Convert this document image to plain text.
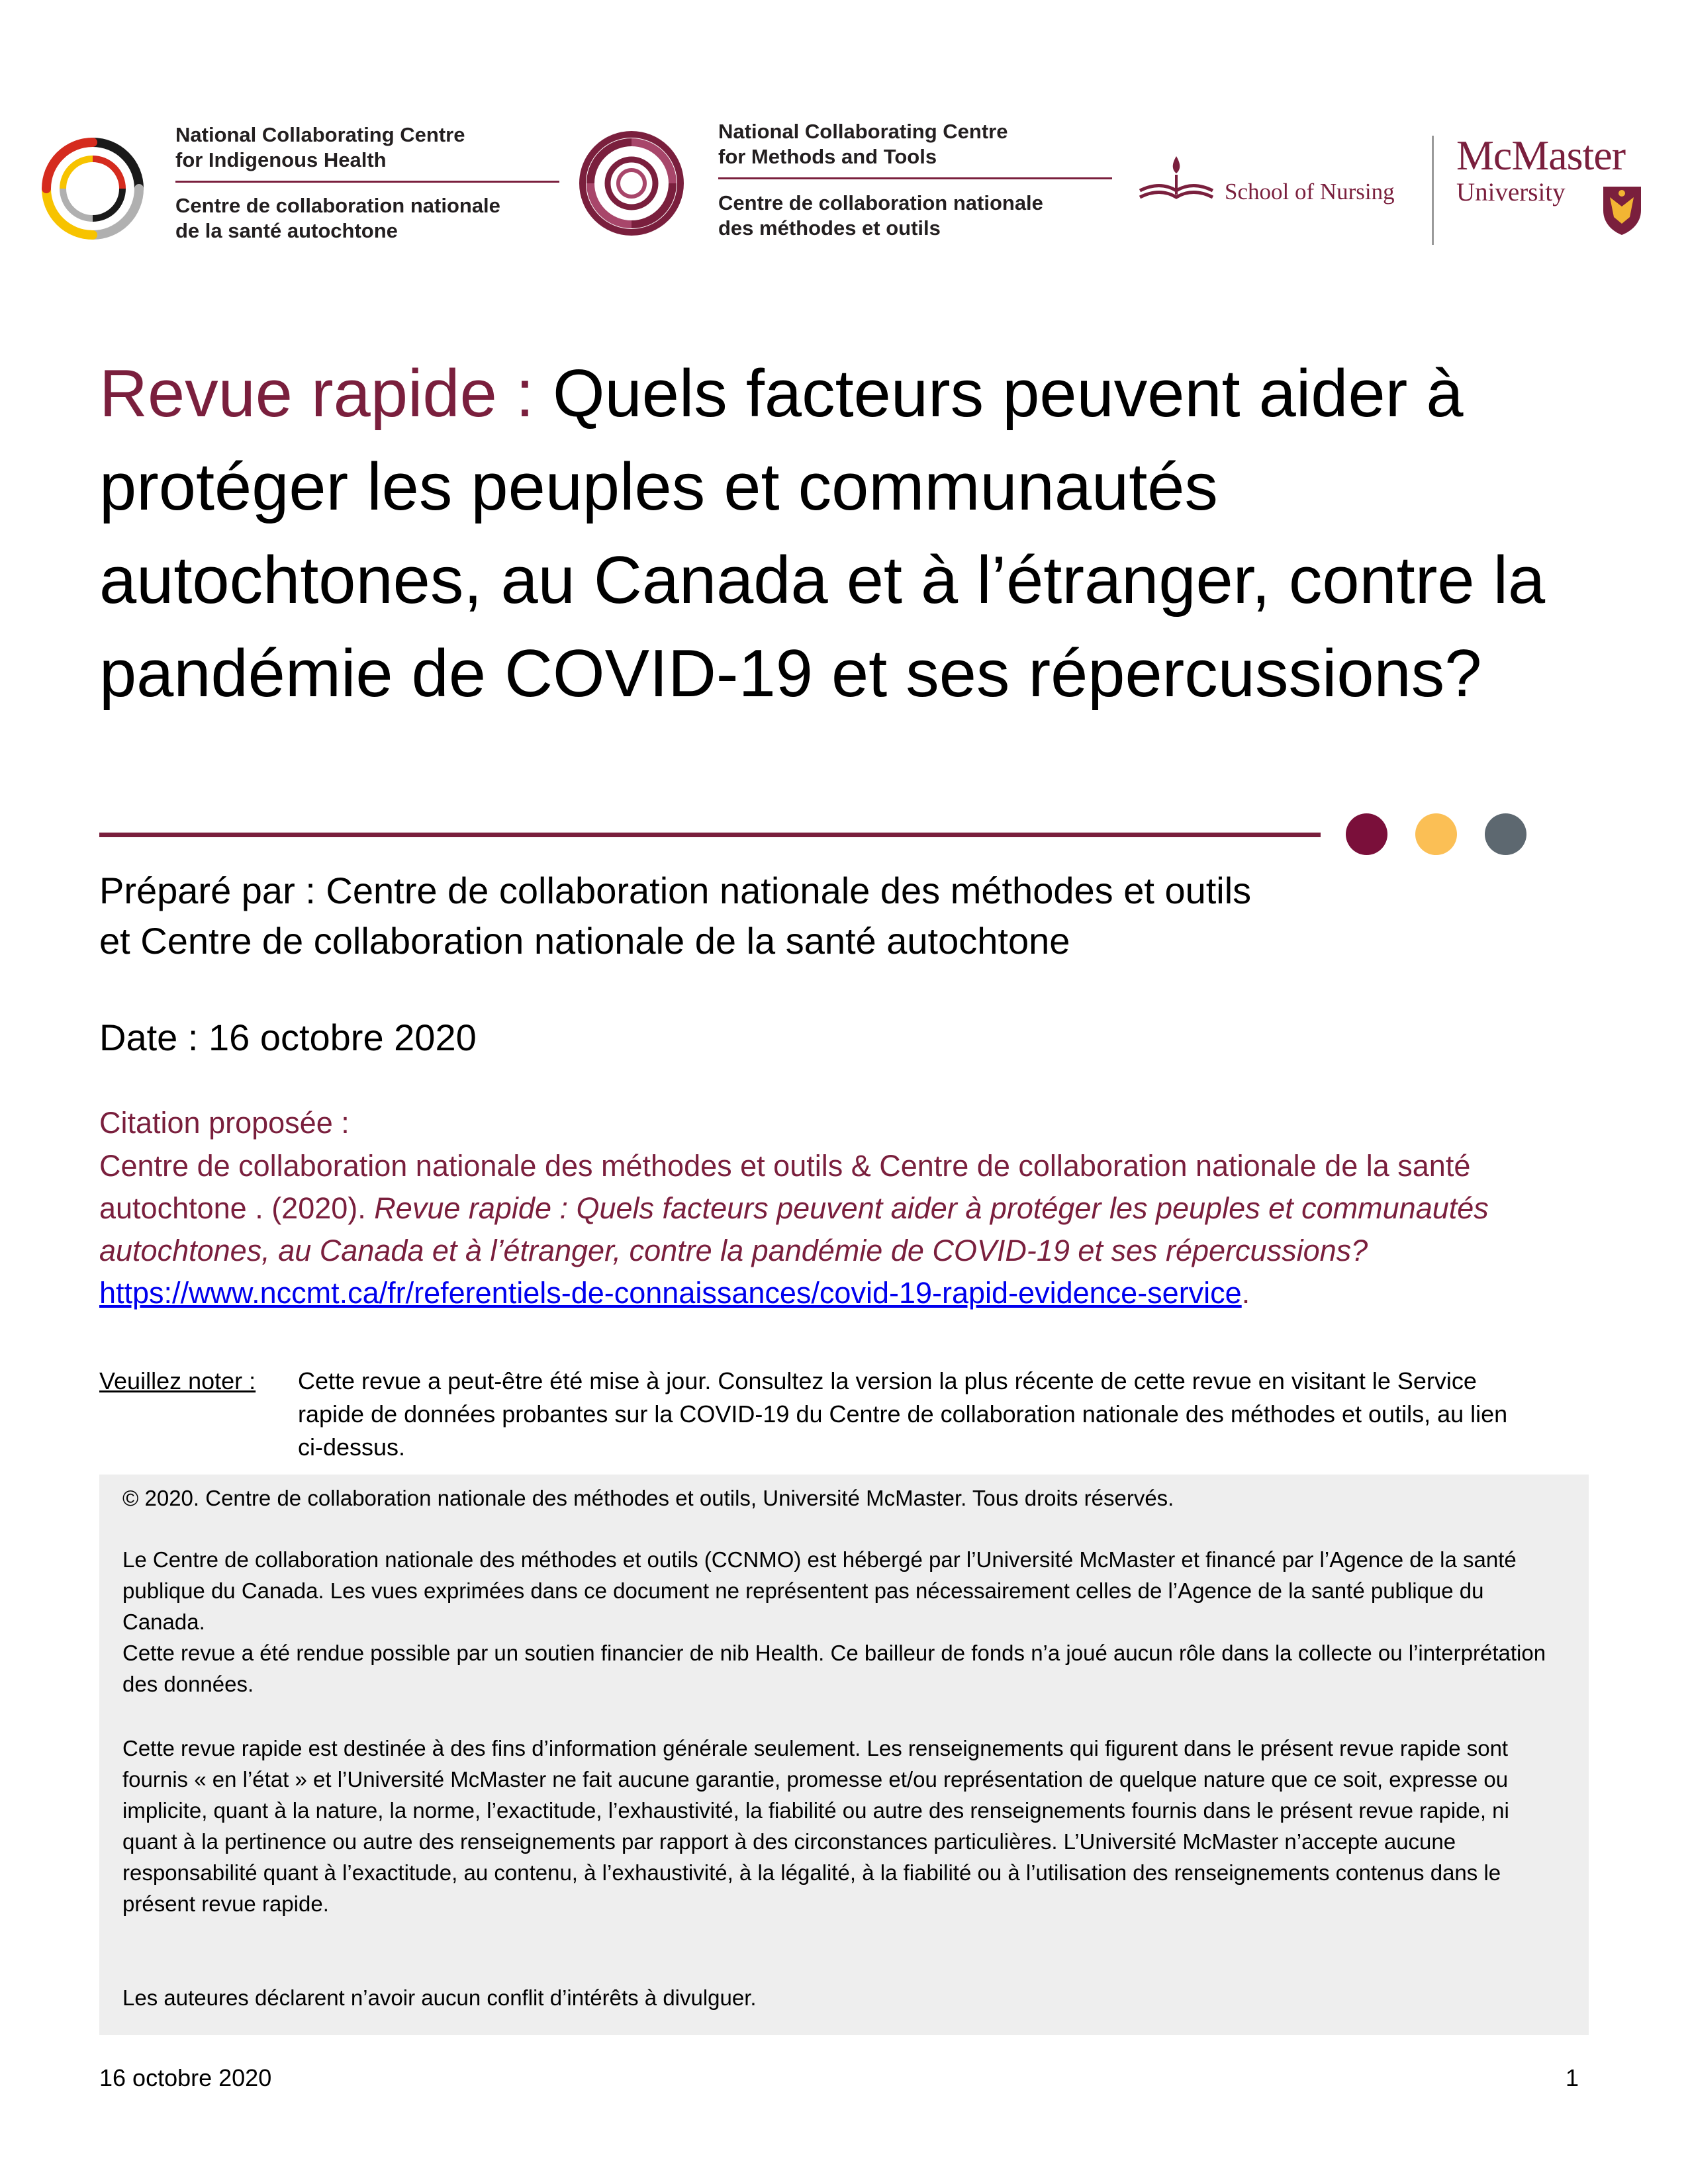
National Collaborating Centre
for Indigenous Health
Centre de collaboration nationale
de la santé autochtone
National Collaborating Centre
for Methods and Tools
Centre de collaboration nationale
des méthodes et outils
School of Nursing
McMaster
University
Revue rapide : Quels facteurs peuvent aider à protéger les peuples et communautés autochtones, au Canada et à l’étranger, contre la pandémie de COVID-19 et ses répercussions?
Préparé par : Centre de collaboration nationale des méthodes et outils
et Centre de collaboration nationale de la santé autochtone
Date : 16 octobre 2020
Citation proposée :
Centre de collaboration nationale des méthodes et outils & Centre de collaboration nationale de la santé autochtone . (2020). Revue rapide : Quels facteurs peuvent aider à protéger les peuples et communautés autochtones, au Canada et à l’étranger, contre la pandémie de COVID-19 et ses répercussions? https://www.nccmt.ca/fr/referentiels-de-connaissances/covid-19-rapid-evidence-service.
Veuillez noter : Cette revue a peut-être été mise à jour. Consultez la version la plus récente de cette revue en visitant le Service rapide de données probantes sur la COVID-19 du Centre de collaboration nationale des méthodes et outils, au lien ci-dessus.

© 2020. Centre de collaboration nationale des méthodes et outils, Université McMaster. Tous droits réservés.

Le Centre de collaboration nationale des méthodes et outils (CCNMO) est hébergé par l’Université McMaster et financé par l’Agence de la santé publique du Canada. Les vues exprimées dans ce document ne représentent pas nécessairement celles de l’Agence de la santé publique du Canada.

Cette revue a été rendue possible par un soutien financier de nib Health. Ce bailleur de fonds n’a joué aucun rôle dans la collecte ou l’interprétation des données.

Cette revue rapide est destinée à des fins d’information générale seulement. Les renseignements qui figurent dans le présent revue rapide sont fournis « en l’état » et l’Université McMaster ne fait aucune garantie, promesse et/ou représentation de quelque nature que ce soit, expresse ou implicite, quant à la nature, la norme, l’exactitude, l’exhaustivité, la fiabilité ou autre des renseignements fournis dans le présent revue rapide, ni quant à la pertinence ou autre des renseignements par rapport à des circonstances particulières. L’Université McMaster n’accepte aucune responsabilité quant à l’exactitude, au contenu, à l’exhaustivité, à la légalité, à la fiabilité ou à l’utilisation des renseignements contenus dans le présent revue rapide.

Les auteures déclarent n’avoir aucun conflit d’intérêts à divulguer.

16 octobre 2020	1
